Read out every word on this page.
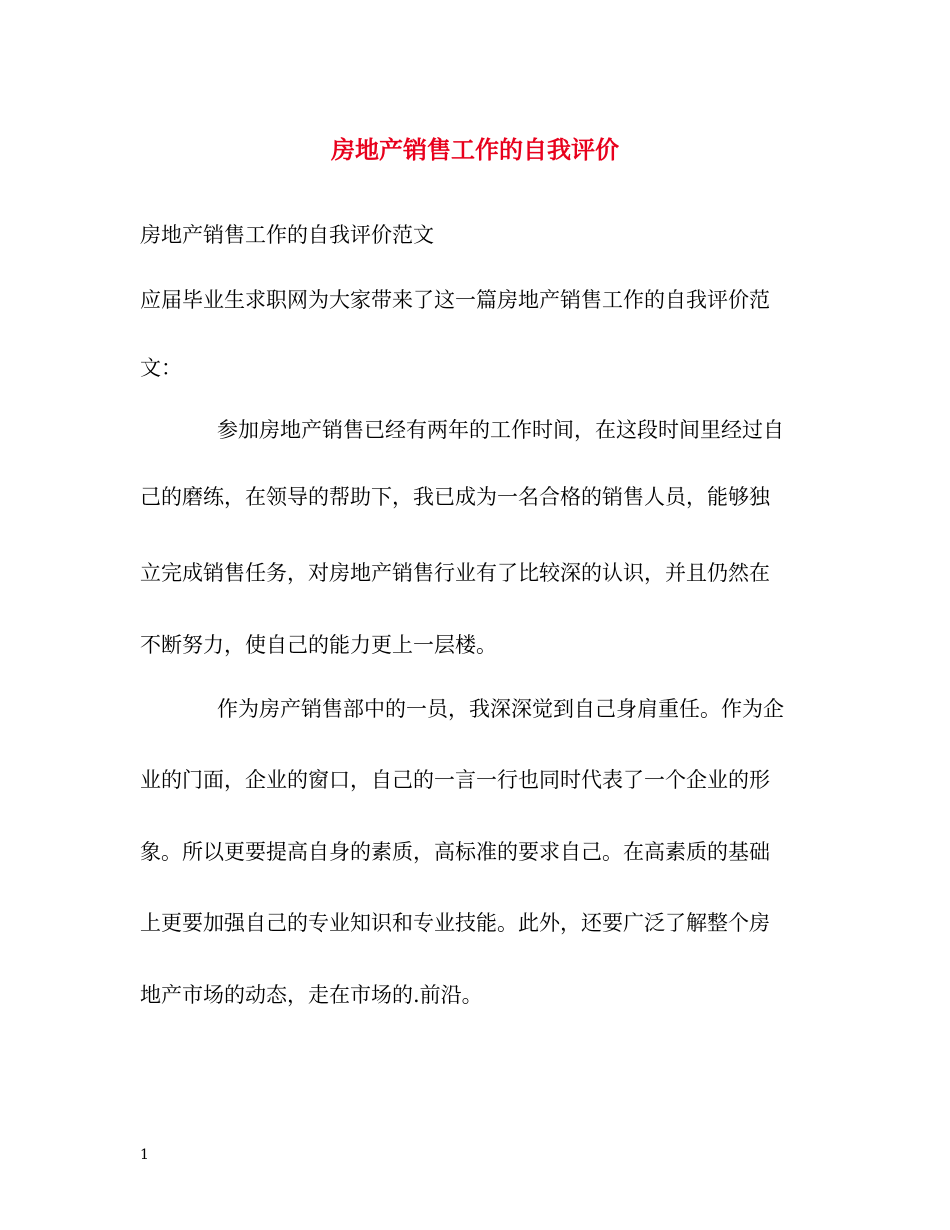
房地产销售工作的自我评价
房地产销售工作的自我评价范文
应届毕业生求职网为大家带来了这一篇房地产销售工作的自我评价范
文：
参加房地产销售已经有两年的工作时间，在这段时间里经过自
己的磨练，在领导的帮助下，我已成为一名合格的销售人员，能够独
立完成销售任务，对房地产销售行业有了比较深的认识，并且仍然在
不断努力，使自己的能力更上一层楼。
作为房产销售部中的一员，我深深觉到自己身肩重任。作为企
业的门面，企业的窗口，自己的一言一行也同时代表了一个企业的形
象。所以更要提高自身的素质，高标准的要求自己。在高素质的基础
上更要加强自己的专业知识和专业技能。此外，还要广泛了解整个房
地产市场的动态，走在市场的.前沿。
1
